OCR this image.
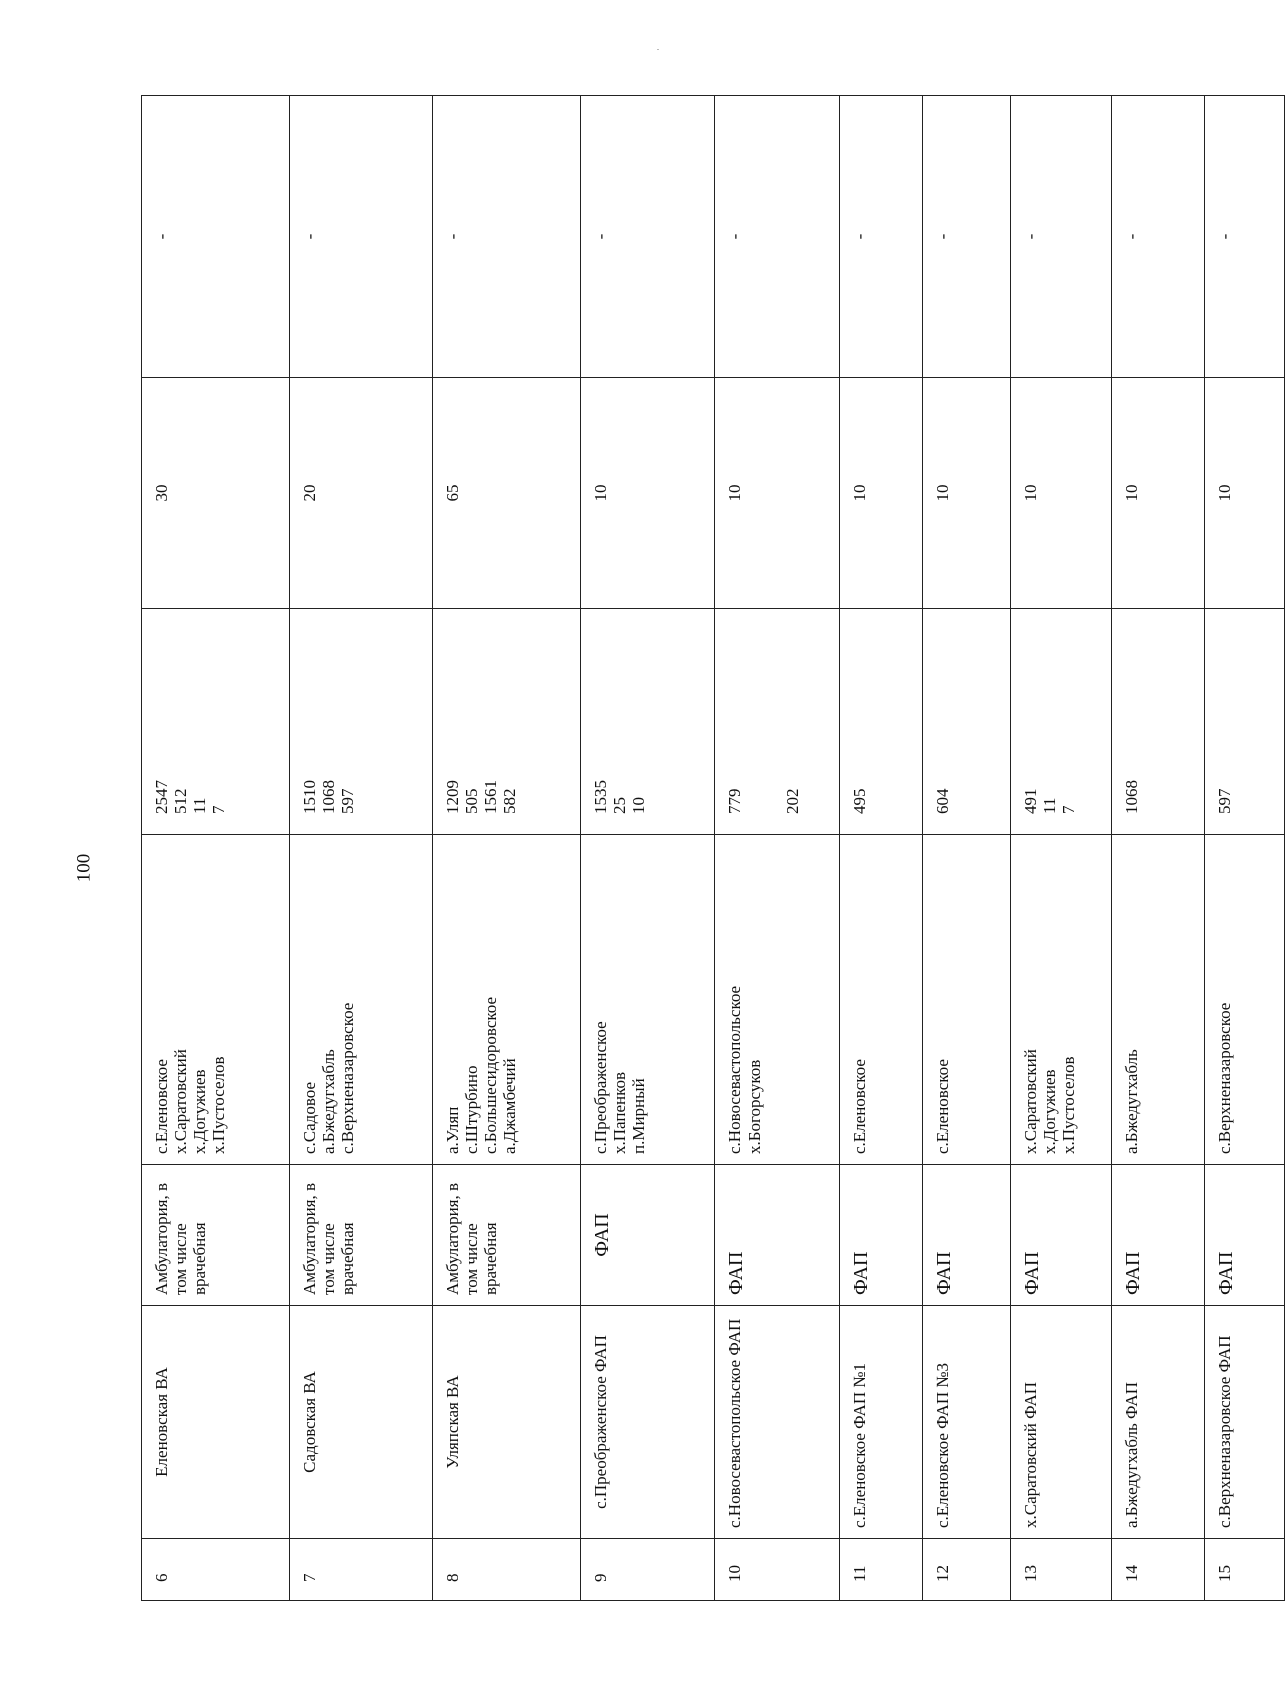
100
6	Еленовская ВА	Амбулатория, в том числе врачебная	с.Еленовское х.Саратовский х.Догужиев х.Пустоселов	2547 512 11 7	30	-

7	Садовская ВА	Амбулатория, в том числе врачебная	с.Садовое а.Бжедугхабль с.Верхненазаровское	1510 1068 597	20	-

8	Уляпская ВА	Амбулатория, в том числе врачебная	а.Уляп с.Штурбино с.Большесидоровское а.Джамбечий	1209 505 1561 582	65	-

9	с.Преображенское ФАП	ФАП	с.Преображенское х.Папенков п.Мирный	1535 25 10	10	-

10	с.Новосевастопольское ФАП	ФАП	с.Новосевастопольское х.Богорсуков	779 202	10	-

11	с.Еленовское ФАП №1	ФАП	с.Еленовское	495	10	-

12	с.Еленовское ФАП №3	ФАП	с.Еленовское	604	10	-

13	х.Саратовский ФАП	ФАП	х.Саратовский х.Догужиев х.Пустоселов	491 11 7	10	-

14	а.Бжедугхабль ФАП	ФАП	а.Бжедугхабль	1068	10	-

15	с.Верхненазаровское ФАП	ФАП	с.Верхненазаровское	597	10	-
